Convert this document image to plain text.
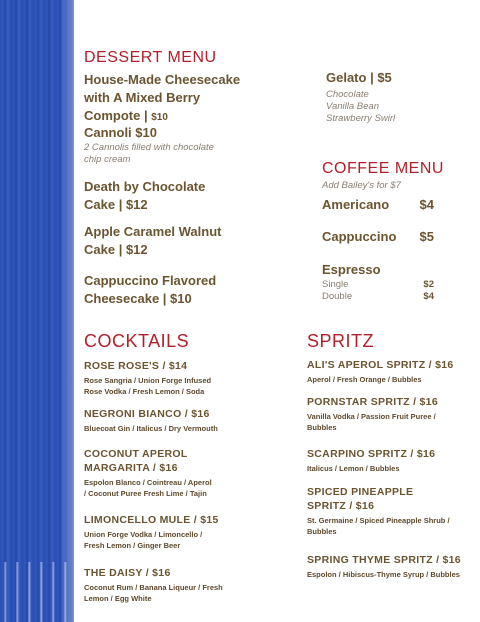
DESSERT MENU
House-Made Cheesecake
with A Mixed Berry
Compote | $10
Cannoli $10
2 Cannolis filled with chocolate
chip cream
Death by Chocolate
Cake | $12
Apple Caramel Walnut
Cake | $12
Cappuccino Flavored
Cheesecake | $10
Gelato | $5
Chocolate
Vanilla Bean
Strawberry Swirl
COFFEE MENU
Add Bailey's for $7
Americano $4
Cappuccino $5
Espresso
Single	$2
Double	$4
COCKTAILS
ROSE ROSE'S / $14
Rose Sangria / Union Forge Infused
Rose Vodka / Fresh Lemon / Soda
NEGRONI BIANCO / $16
Bluecoat Gin / Italicus / Dry Vermouth
COCONUT APEROL
MARGARITA / $16
Espolon Blanco / Cointreau / Aperol
/ Coconut Puree Fresh Lime / Tajin
LIMONCELLO MULE / $15
Union Forge Vodka / Limoncello /
Fresh Lemon / Ginger Beer
THE DAISY / $16
Coconut Rum / Banana Liqueur / Fresh
Lemon / Egg White
SPRITZ
ALI'S APEROL SPRITZ / $16
Aperol / Fresh Orange / Bubbles
PORNSTAR SPRITZ / $16
Vanilla Vodka / Passion Fruit Puree /
Bubbles
SCARPINO SPRITZ / $16
Italicus / Lemon / Bubbles
SPICED PINEAPPLE
SPRITZ / $16
St. Germaine / Spiced Pineapple Shrub /
Bubbles
SPRING THYME SPRITZ / $16
Espolon / Hibiscus-Thyme Syrup / Bubbles
